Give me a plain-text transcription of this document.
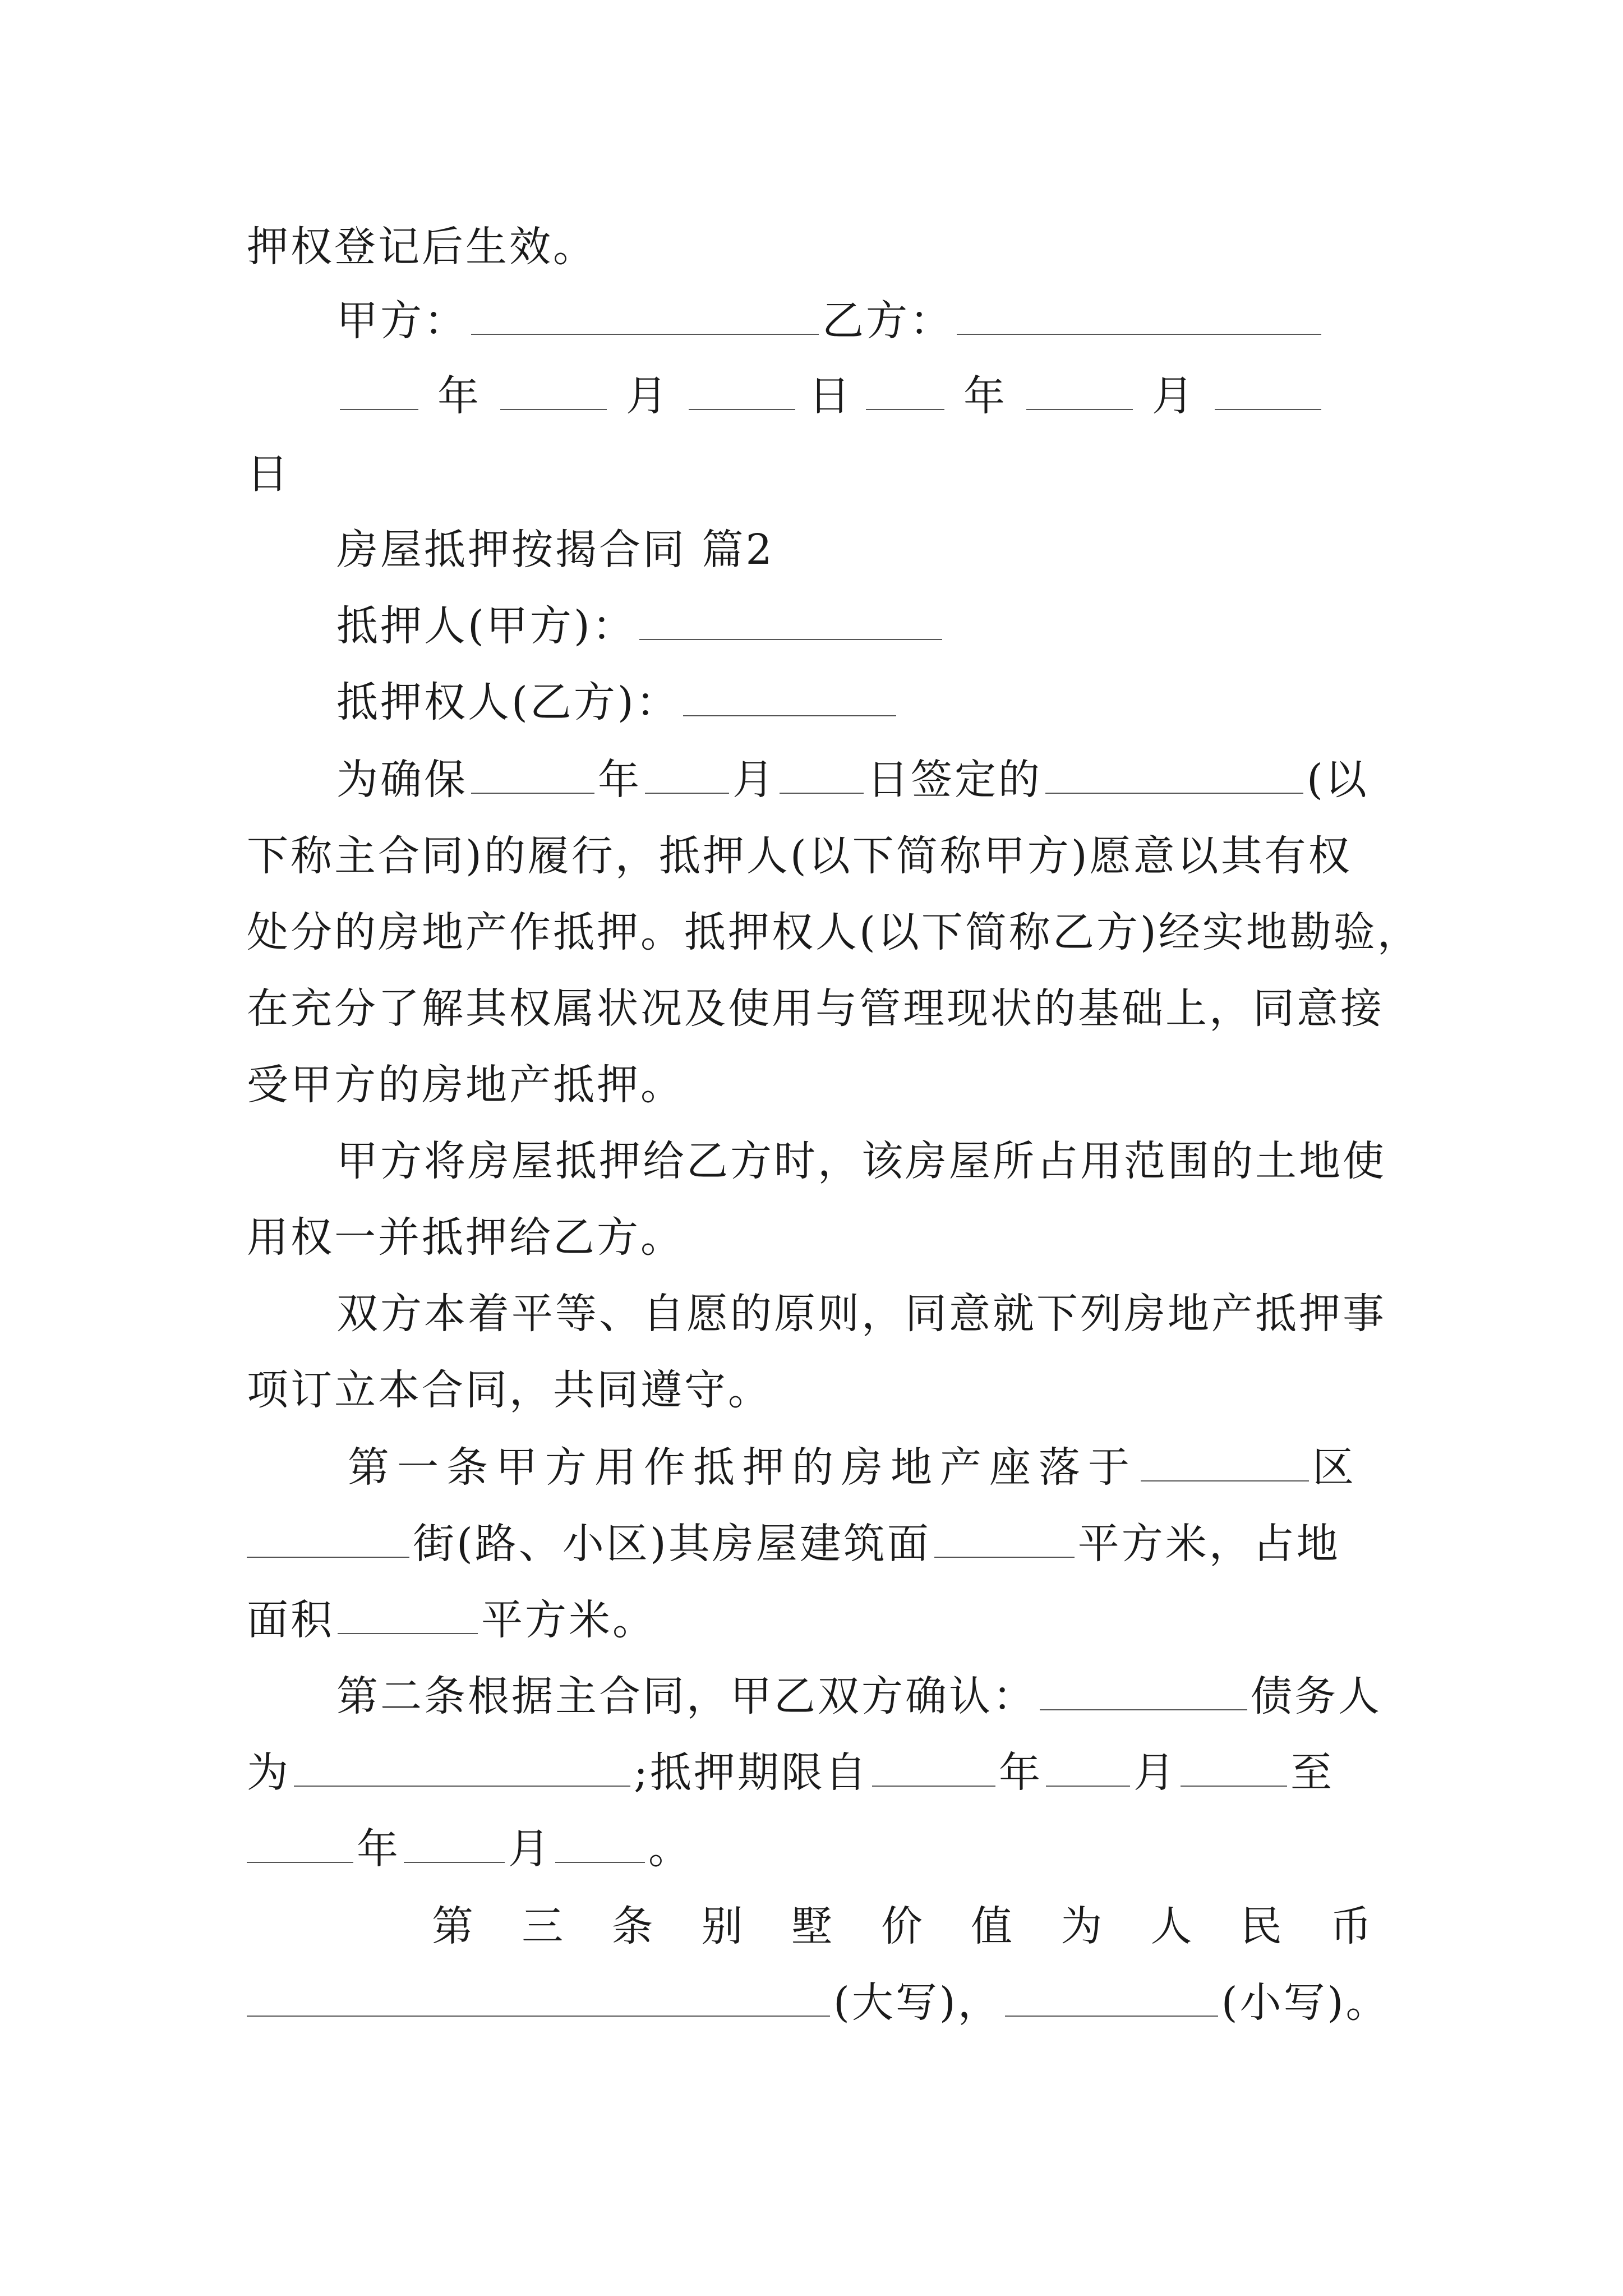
押权登记后生效。
甲方：	乙方：
年	月	日	年	月
日
房屋抵押按揭合同 篇2
抵押人(甲方)：
抵押权人(乙方)：
为确保	年 月 日签定的	(以
下称主合同)的履行，抵押人(以下简称甲方)愿意以其有权
处分的房地产作抵押。抵押权人(以下简称乙方)经实地勘验，
在充分了解其权属状况及使用与管理现状的基础上，同意接
受甲方的房地产抵押。
甲方将房屋抵押给乙方时，该房屋所占用范围的土地使
用权一并抵押给乙方。
双方本着平等、自愿的原则，同意就下列房地产抵押事
项订立本合同，共同遵守。
第一条甲方用作抵押的房地产座落于	区
街(路、小区)其房屋建筑面	平方米，占地
面积	平方米。
第二条根据主合同，甲乙双方确认：	债务人
为	;抵押期限自	年 月	至
年	月 。
第 三 条 别 墅 价 值 为 人 民 币
(大写)，	(小写)。
